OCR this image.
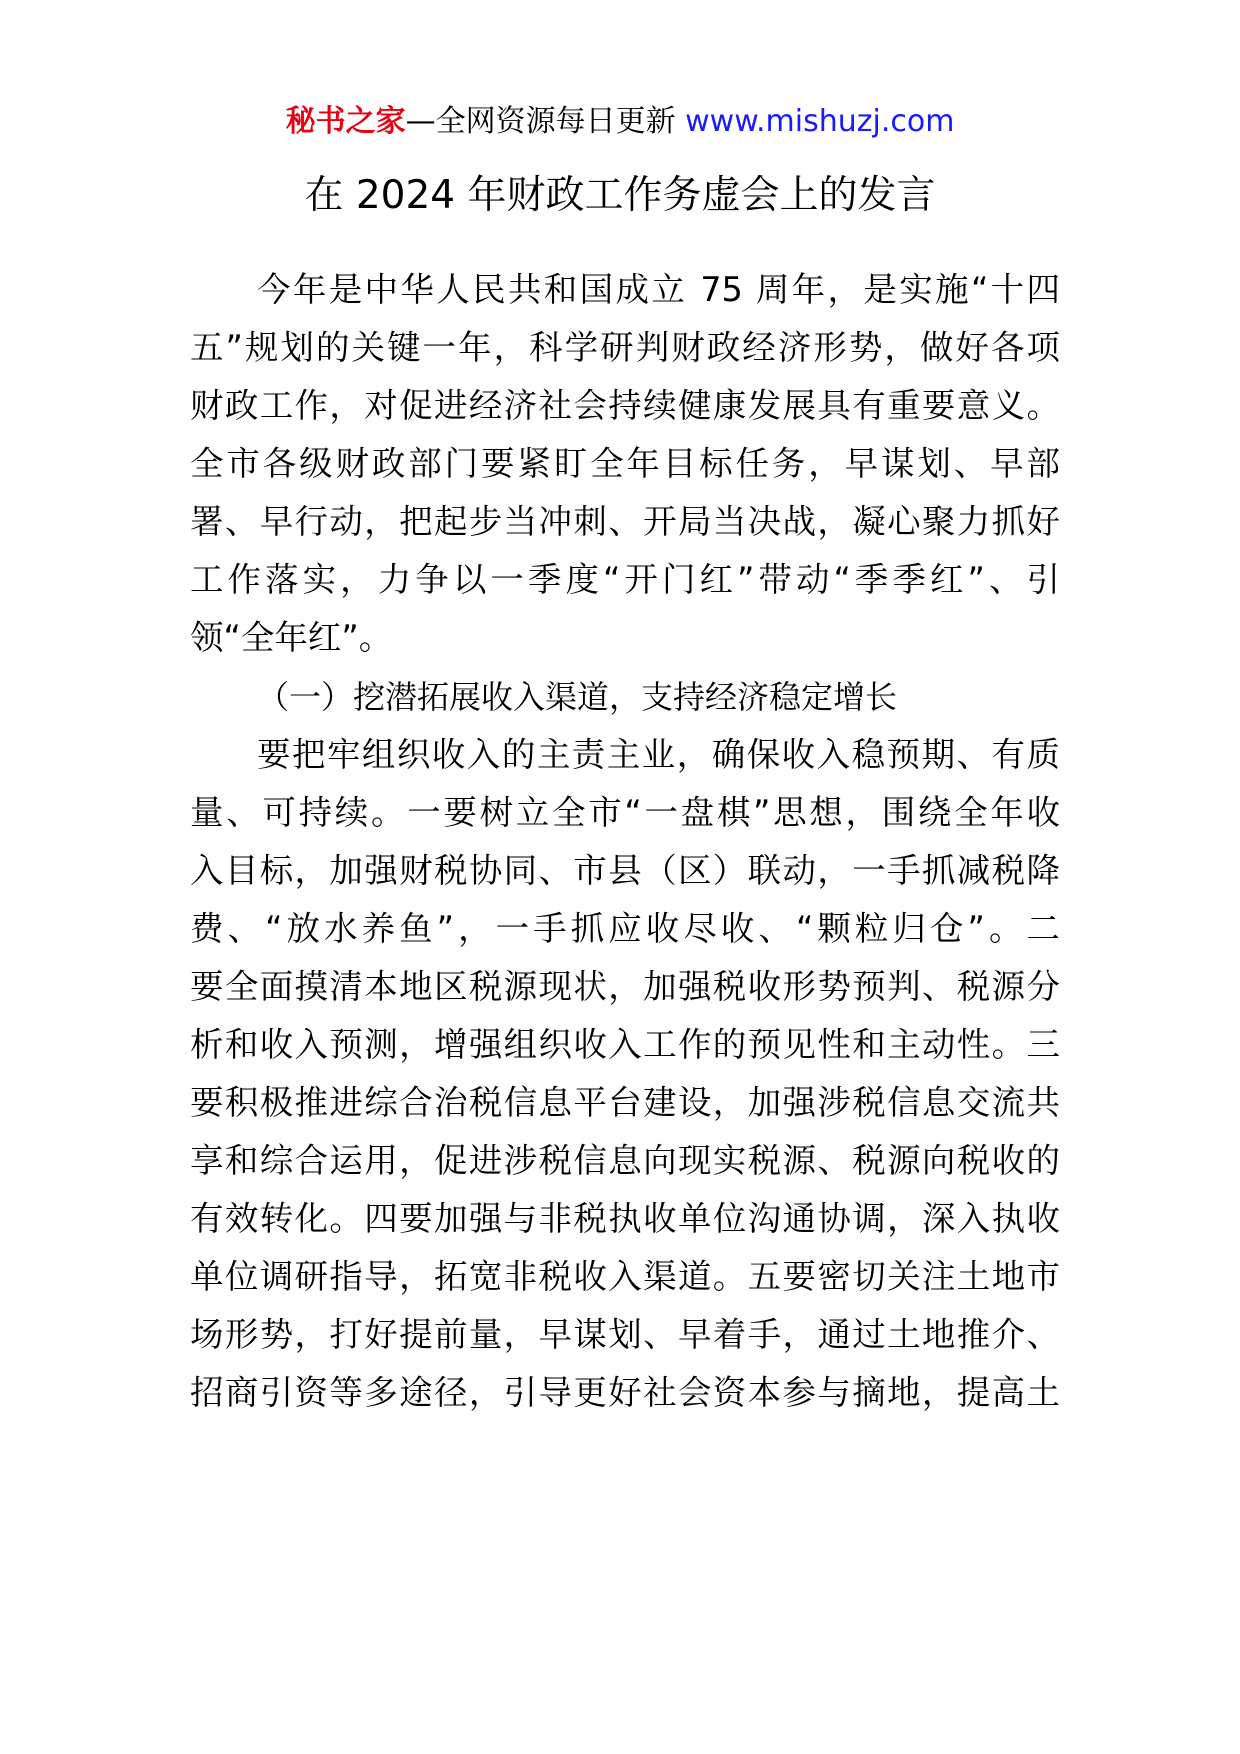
秘书之家—全网资源每日更新 www.mishuzj.com
在 2024 年财政工作务虚会上的发言
今年是中华人民共和国成立 75 周年，是实施“十四
五”规划的关键一年，科学研判财政经济形势，做好各项
财政工作，对促进经济社会持续健康发展具有重要意义。
全市各级财政部门要紧盯全年目标任务，早谋划、早部
署、早行动，把起步当冲刺、开局当决战，凝心聚力抓好
工作落实，力争以一季度“开门红”带动“季季红”、引
领“全年红”。
（一）挖潜拓展收入渠道，支持经济稳定增长
要把牢组织收入的主责主业，确保收入稳预期、有质
量、可持续。一要树立全市“一盘棋”思想，围绕全年收
入目标，加强财税协同、市县（区）联动，一手抓减税降
费、“放水养鱼”，一手抓应收尽收、“颗粒归仓”。二
要全面摸清本地区税源现状，加强税收形势预判、税源分
析和收入预测，增强组织收入工作的预见性和主动性。三
要积极推进综合治税信息平台建设，加强涉税信息交流共
享和综合运用，促进涉税信息向现实税源、税源向税收的
有效转化。四要加强与非税执收单位沟通协调，深入执收
单位调研指导，拓宽非税收入渠道。五要密切关注土地市
场形势，打好提前量，早谋划、早着手，通过土地推介、
招商引资等多途径，引导更好社会资本参与摘地，提高土
